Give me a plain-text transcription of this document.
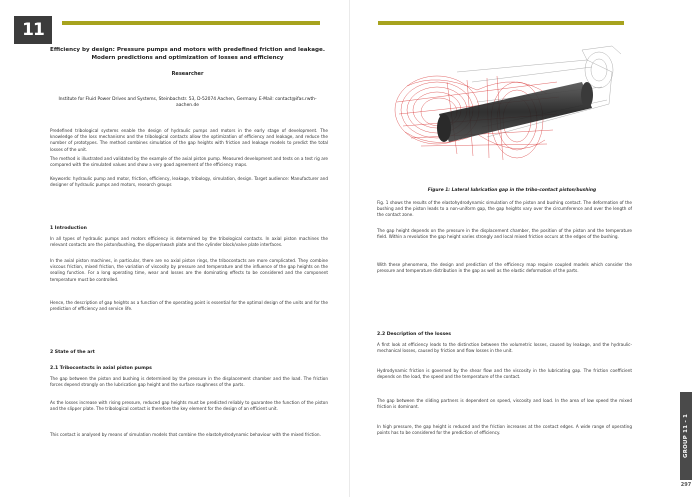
11
Efficiency by design: Pressure pumps and motors with predefined friction and leakage. Modern predictions and optimization of losses and efficiency
Researcher
Institute for Fluid Power Drives and Systems, Steinbachstr. 53, D-52074 Aachen, Germany. E-Mail: contact@ifas.rwth-aachen.de
Predefined tribological systems enable the design of hydraulic pumps and motors in the early stage of development. The knowledge of the loss mechanisms and the tribological contacts allow the optimization of efficiency and leakage, and reduce the number of prototypes. The method combines simulation of the gap heights with friction and leakage models to predict the total losses of the unit.
The method is illustrated and validated by the example of the axial piston pump. Measured development and tests on a test rig are compared with the simulated values and show a very good agreement of the efficiency maps.
Keywords: hydraulic pump and motor, friction, efficiency, leakage, tribology, simulation, design. Target audience: Manufacturer and designer of hydraulic pumps and motors, research groups
1 Introduction
In all types of hydraulic pumps and motors efficiency is determined by the tribological contacts. In axial piston machines the relevant contacts are the piston/bushing, the slipper/swash plate and the cylinder block/valve plate interfaces.
In the axial piston machines, in particular, there are no axial piston rings, the tribocontacts are more complicated. They combine viscous friction, mixed friction, the variation of viscosity by pressure and temperature and the influence of the gap heights on the sealing function. For a long operating time, wear and losses are the dominating effects to be considered and the component temperature must be controlled.
Hence, the description of gap heights as a function of the operating point is essential for the optimal design of the units and for the prediction of efficiency and service life.
2 State of the art
2.1 Tribocontacts in axial piston pumps
The gap between the piston and bushing is determined by the pressure in the displacement chamber and the load. The friction forces depend strongly on the lubrication gap height and the surface roughness of the parts.
As the losses increase with rising pressure, reduced gap heights must be predicted reliably to guarantee the function of the piston and the slipper plate. The tribological contact is therefore the key element for the design of an efficient unit.
This contact is analysed by means of simulation models that combine the elastohydrodynamic behaviour with the mixed friction.
Figure 1: Lateral lubrication gap in the tribo-contact piston/bushing
Fig. 1 shows the results of the elastohydrodynamic simulation of the piston and bushing contact. The deformation of the bushing and the piston leads to a non-uniform gap, the gap heights vary over the circumference and over the length of the contact zone.
The gap height depends on the pressure in the displacement chamber, the position of the piston and the temperature field. Within a revolution the gap height varies strongly and local mixed friction occurs at the edges of the bushing.
With these phenomena, the design and prediction of the efficiency map require coupled models which consider the pressure and temperature distribution in the gap as well as the elastic deformation of the parts.
2.2 Description of the losses
A first look at efficiency leads to the distinction between the volumetric losses, caused by leakage, and the hydraulic-mechanical losses, caused by friction and flow losses in the unit.
Hydrodynamic friction is governed by the shear flow and the viscosity in the lubricating gap. The friction coefficient depends on the load, the speed and the temperature of the contact.
The gap between the sliding partners is dependent on speed, viscosity and load. In the area of low speed the mixed friction is dominant.
In high pressure, the gap height is reduced and the friction increases at the contact edges. A wide range of operating points has to be considered for the prediction of efficiency.	GROUP 11 - 1
297
